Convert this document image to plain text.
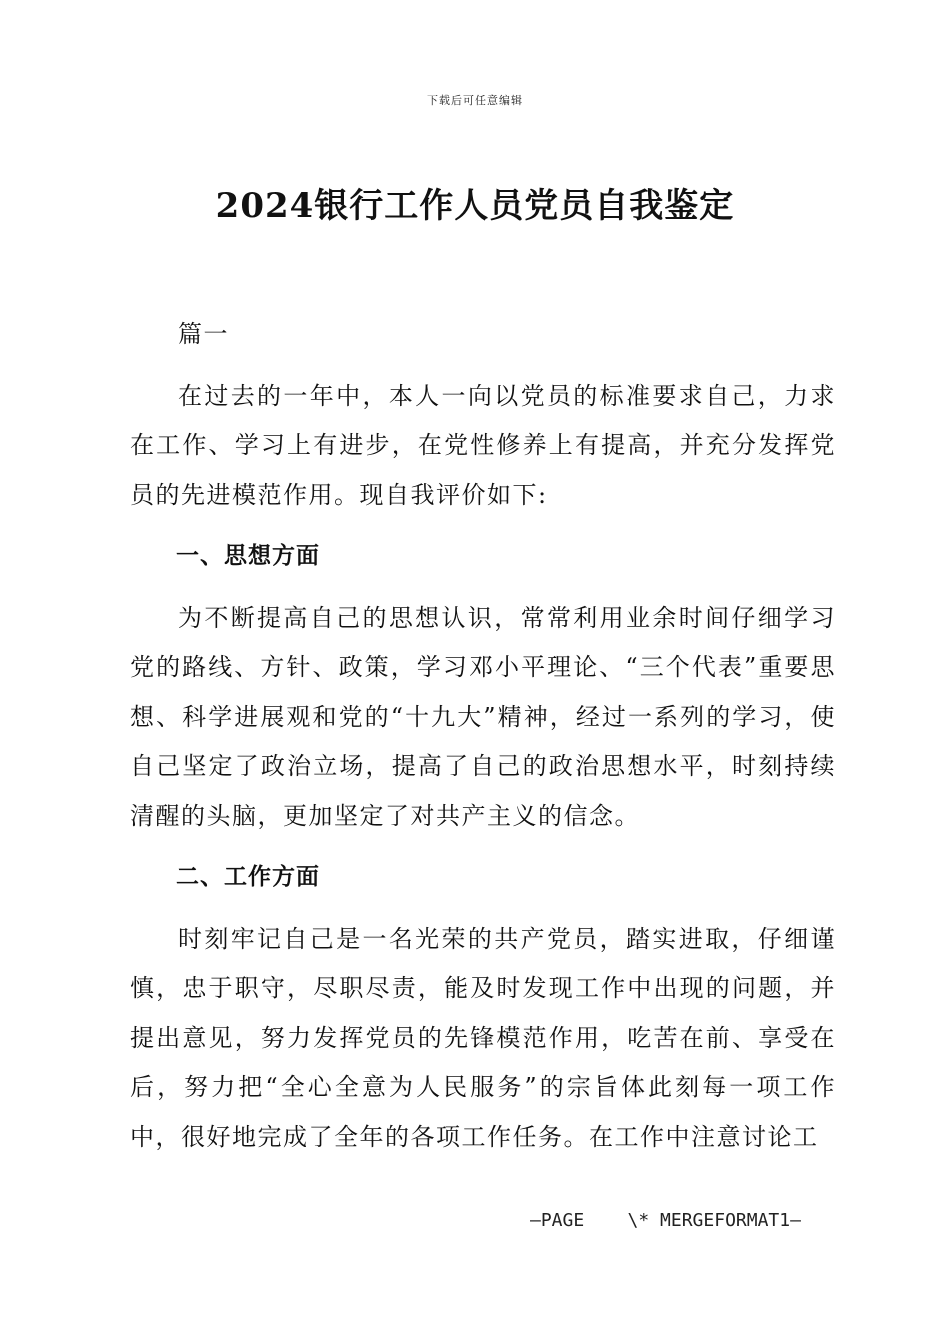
下载后可任意编辑
2024银行工作人员党员自我鉴定

篇一

在过去的一年中，本人一向以党员的标准要求自己，力求在工作、学习上有进步，在党性修养上有提高，并充分发挥党员的先进模范作用。现自我评价如下:

一、思想方面

为不断提高自己的思想认识，常常利用业余时间仔细学习党的路线、方针、政策，学习邓小平理论、“三个代表”重要思想、科学进展观和党的“十九大”精神，经过一系列的学习，使自己坚定了政治立场，提高了自己的政治思想水平，时刻持续清醒的头脑，更加坚定了对共产主义的信念。

二、工作方面

时刻牢记自己是一名光荣的共产党员，踏实进取，仔细谨慎，忠于职守，尽职尽责，能及时发现工作中出现的问题，并提出意见，努力发挥党员的先锋模范作用，吃苦在前、享受在后，努力把“全心全意为人民服务”的宗旨体此刻每一项工作中，很好地完成了全年的各项工作任务。在工作中注意讨论工

—PAGE    \* MERGEFORMAT1—
